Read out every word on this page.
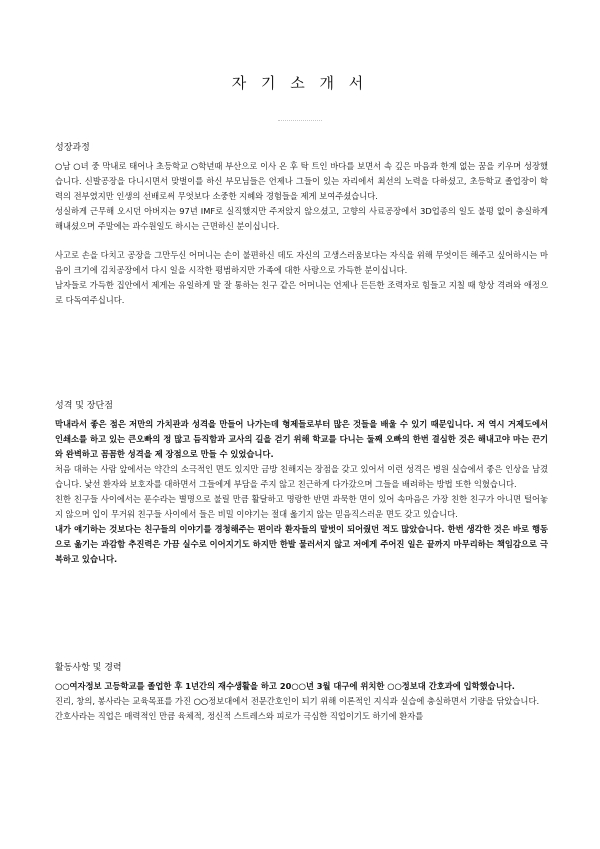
자 기 소 개 서
성장과정

○남 ○녀 중 막내로 태어나 초등학교 ○학년때 부산으로 이사 온 후 탁 트인 바다를 보면서 속 깊은 마음과 한계 없는 꿈을 키우며 성장했습니다. 신발공장을 다니시면서 맞벌이를 하신 부모님들은 언제나 그들이 있는 자리에서 최선의 노력을 다하셨고, 초등학교 졸업장이 학력의 전부였지만 인생의 선배로써 무엇보다 소중한 지혜와 경험들을 제게 보여주셨습니다.

성실하게 근무해 오시던 아버지는 97년 IMF로 실직했지만 주저앉지 않으셨고, 고향의 사료공장에서 3D업종의 일도 불평 없이 충실하게 해내셨으며 주말에는 과수원일도 하시는 근면하신 분이십니다.

사고로 손을 다치고 공장을 그만두신 어머니는 손이 불편하신 데도 자신의 고생스러움보다는 자식을 위해 무엇이든 해주고 싶어하시는 마음이 크기에 김치공장에서 다시 일을 시작한 평범하지만 가족에 대한 사랑으로 가득한 분이십니다.

남자들로 가득한 집안에서 제게는 유일하게 말 잘 통하는 친구 같은 어머니는 언제나 든든한 조력자로 힘들고 지칠 때 항상 격려와 애정으로 다독여주십니다.

성격 및 장단점

막내라서 좋은 점은 저만의 가치관과 성격을 만들어 나가는데 형제들로부터 많은 것들을 배울 수 있기 때문입니다. 저 역시 거제도에서 인쇄소를 하고 있는 큰오빠의 정 많고 듬직함과 교사의 길을 걷기 위해 학교를 다니는 둘째 오빠의 한번 결심한 것은 해내고야 마는 끈기와 완벽하고 꼼꼼한 성격을 제 장점으로 만들 수 있었습니다.

처음 대하는 사람 앞에서는 약간의 소극적인 면도 있지만 금방 친해지는 장점을 갖고 있어서 이런 성격은 병원 실습에서 좋은 인상을 남겼습니다. 낯선 환자와 보호자를 대하면서 그들에게 부담을 주지 않고 친근하게 다가갔으며 그들을 배려하는 방법 또한 익혔습니다.

친한 친구들 사이에서는 푼수라는 별명으로 불릴 만큼 활달하고 명랑한 반면 과묵한 면이 있어 속마음은 가장 친한 친구가 아니면 털어놓지 않으며 입이 무거워 친구들 사이에서 들은 비밀 이야기는 절대 옮기지 않는 믿음직스러운 면도 갖고 있습니다.

내가 얘기하는 것보다는 친구들의 이야기를 경청해주는 편이라 환자들의 말벗이 되어줬던 적도 많았습니다. 한번 생각한 것은 바로 행동으로 옮기는 과감함 추진력은 가끔 실수로 이어지기도 하지만 한발 물러서지 않고 저에게 주어진 일은 끝까지 마무리하는 책임감으로 극복하고 있습니다.

활동사항 및 경력

○○여자정보 고등학교를 졸업한 후 1년간의 재수생활을 하고 20○○년 3월 대구에 위치한 ○○정보대 간호과에 입학했습니다.

진리, 창의, 봉사라는 교육목표를 가진 ○○정보대에서 전문간호인이 되기 위해 이론적인 지식과 실습에 충실하면서 기량을 닦았습니다.

간호사라는 직업은 매력적인 만큼 육체적, 정신적 스트레스와 피로가 극심한 직업이기도 하기에 환자를
